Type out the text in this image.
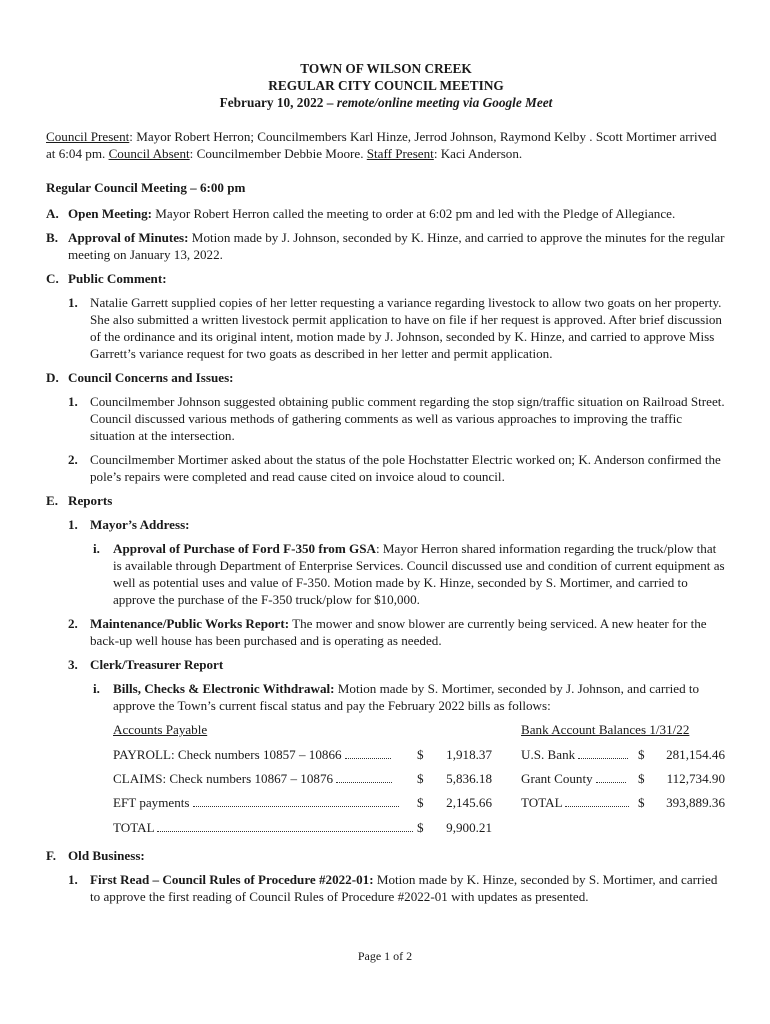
TOWN OF WILSON CREEK
REGULAR CITY COUNCIL MEETING
February 10, 2022 – remote/online meeting via Google Meet

Council Present: Mayor Robert Herron; Councilmembers Karl Hinze, Jerrod Johnson, Raymond Kelby . Scott Mortimer arrived at 6:04 pm. Council Absent: Councilmember Debbie Moore. Staff Present: Kaci Anderson.

Regular Council Meeting – 6:00 pm

A. Open Meeting: Mayor Robert Herron called the meeting to order at 6:02 pm and led with the Pledge of Allegiance.
B. Approval of Minutes: Motion made by J. Johnson, seconded by K. Hinze, and carried to approve the minutes for the regular meeting on January 13, 2022.
C. Public Comment:
1. Natalie Garrett supplied copies of her letter requesting a variance regarding livestock to allow two goats on her property. She also submitted a written livestock permit application to have on file if her request is approved. After brief discussion of the ordinance and its original intent, motion made by J. Johnson, seconded by K. Hinze, and carried to approve Miss Garrett’s variance request for two goats as described in her letter and permit application.
D. Council Concerns and Issues:
1. Councilmember Johnson suggested obtaining public comment regarding the stop sign/traffic situation on Railroad Street. Council discussed various methods of gathering comments as well as various approaches to improving the traffic situation at the intersection.
2. Councilmember Mortimer asked about the status of the pole Hochstatter Electric worked on; K. Anderson confirmed the pole’s repairs were completed and read cause cited on invoice aloud to council.
E. Reports
1. Mayor’s Address:
i. Approval of Purchase of Ford F-350 from GSA: Mayor Herron shared information regarding the truck/plow that is available through Department of Enterprise Services. Council discussed use and condition of current equipment as well as potential uses and value of F-350. Motion made by K. Hinze, seconded by S. Mortimer, and carried to approve the purchase of the F-350 truck/plow for $10,000.
2. Maintenance/Public Works Report: The mower and snow blower are currently being serviced. A new heater for the back-up well house has been purchased and is operating as needed.
3. Clerk/Treasurer Report
i. Bills, Checks & Electronic Withdrawal: Motion made by S. Mortimer, seconded by J. Johnson, and carried to approve the Town’s current fiscal status and pay the February 2022 bills as follows:
Accounts Payable	Bank Account Balances 1/31/22
PAYROLL: Check numbers 10857 – 10866	$	1,918.37
CLAIMS: Check numbers 10867 – 10876	$	5,836.18
EFT payments	$	2,145.66
TOTAL	$	9,900.21
U.S. Bank	$	281,154.46
Grant County	$	112,734.90
TOTAL	$	393,889.36
F. Old Business:
1. First Read – Council Rules of Procedure #2022-01: Motion made by K. Hinze, seconded by S. Mortimer, and carried to approve the first reading of Council Rules of Procedure #2022-01 with updates as presented.
Page 1 of 2
